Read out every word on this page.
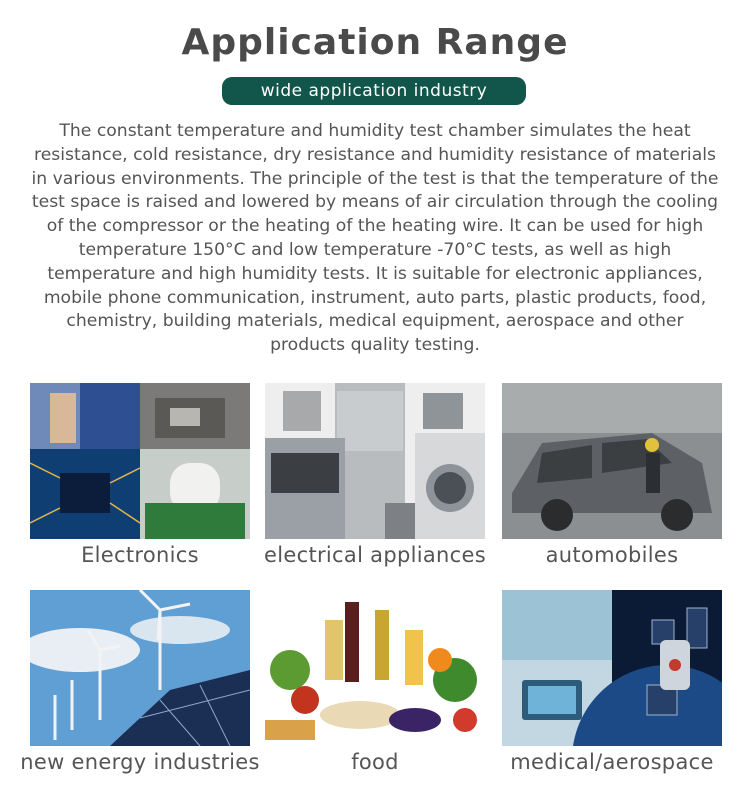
Application Range
wide application industry

The constant temperature and humidity test chamber simulates the heat resistance, cold resistance, dry resistance and humidity resistance of materials in various environments. The principle of the test is that the temperature of the test space is raised and lowered by means of air circulation through the cooling of the compressor or the heating of the heating wire. It can be used for high temperature 150°C and low temperature -70°C tests, as well as high temperature and high humidity tests. It is suitable for electronic appliances, mobile phone communication, instrument, auto parts, plastic products, food, chemistry, building materials, medical equipment, aerospace and other products quality testing.

Electronics	electrical appliances	automobiles
new energy industries	food	medical/aerospace
